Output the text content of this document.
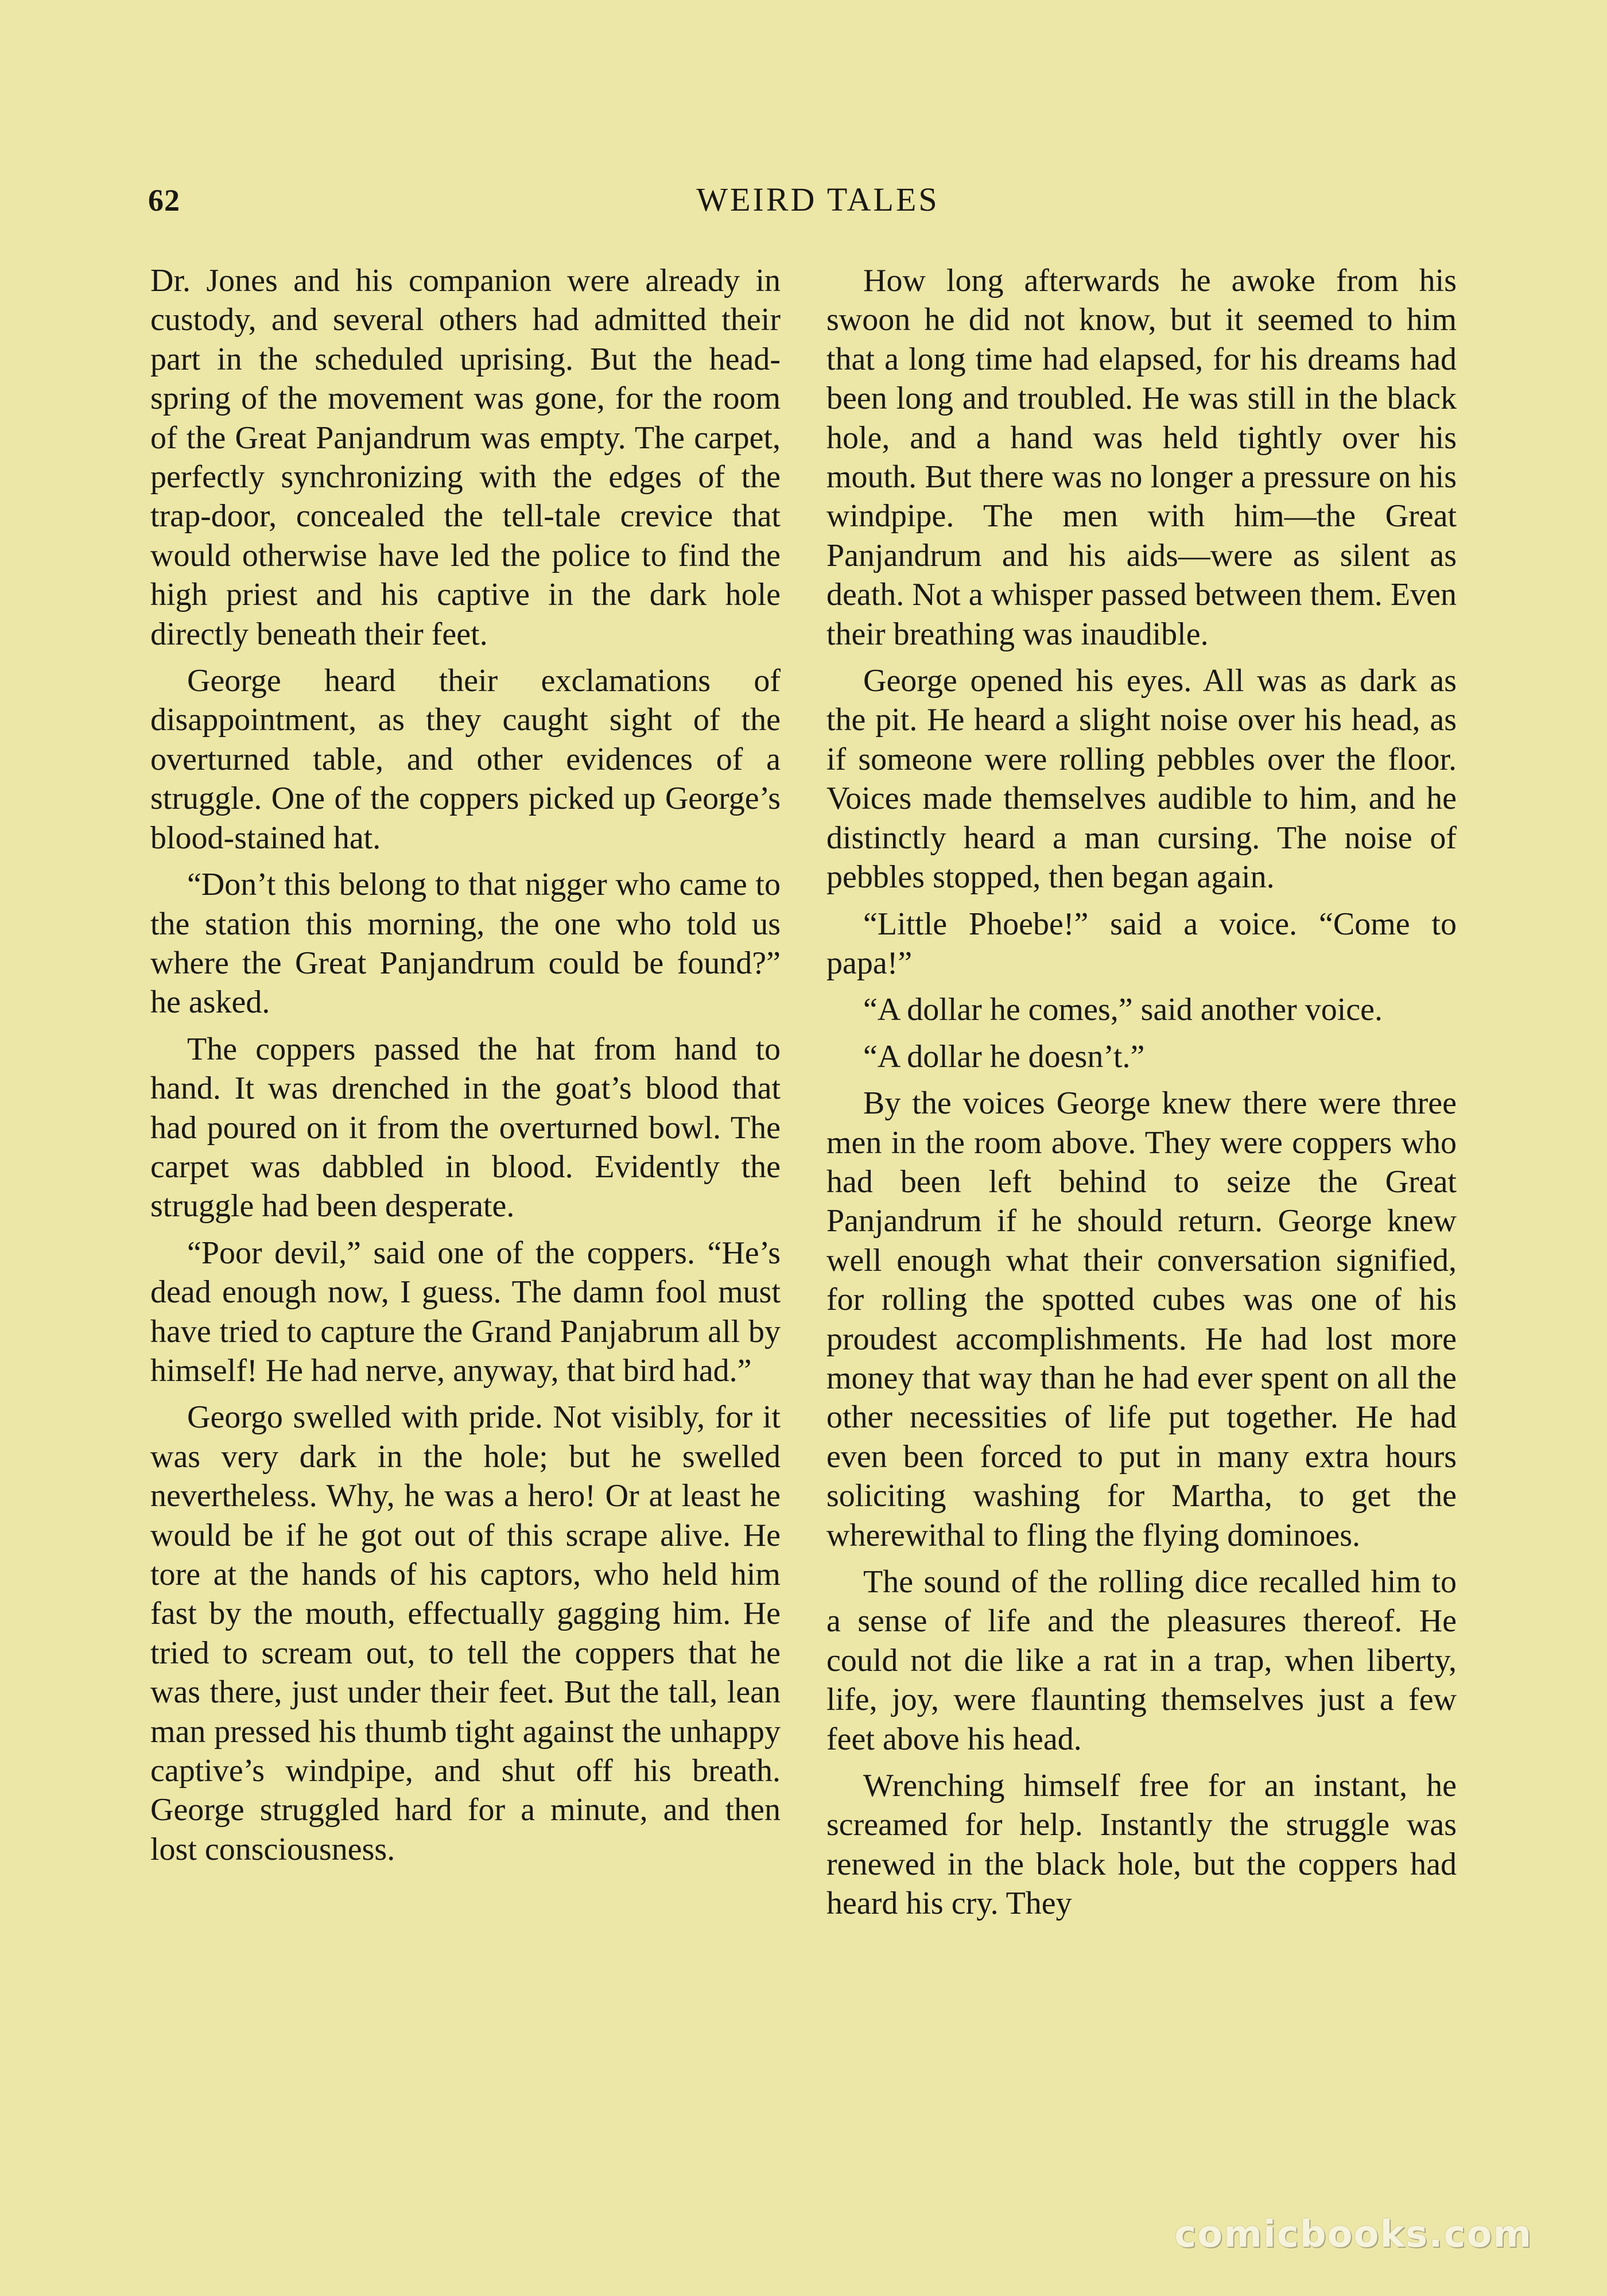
62	WEIRD TALES

Dr. Jones and his companion were already in custody, and several others had admitted their part in the scheduled uprising. But the head-spring of the movement was gone, for the room of the Great Panjandrum was empty. The carpet, perfectly synchronizing with the edges of the trap-door, concealed the tell-tale crevice that would otherwise have led the police to find the high priest and his captive in the dark hole directly beneath their feet.

George heard their exclamations of disappointment, as they caught sight of the overturned table, and other evidences of a struggle. One of the coppers picked up George’s blood-stained hat.

“Don’t this belong to that nigger who came to the station this morning, the one who told us where the Great Panjandrum could be found?” he asked.

The coppers passed the hat from hand to hand. It was drenched in the goat’s blood that had poured on it from the overturned bowl. The carpet was dabbled in blood. Evidently the struggle had been desperate.

“Poor devil,” said one of the coppers. “He’s dead enough now, I guess. The damn fool must have tried to capture the Grand Panjabrum all by himself! He had nerve, anyway, that bird had.”

Georgo swelled with pride. Not visibly, for it was very dark in the hole; but he swelled nevertheless. Why, he was a hero! Or at least he would be if he got out of this scrape alive. He tore at the hands of his captors, who held him fast by the mouth, effectually gagging him. He tried to scream out, to tell the coppers that he was there, just under their feet. But the tall, lean man pressed his thumb tight against the unhappy captive’s windpipe, and shut off his breath. George struggled hard for a minute, and then lost consciousness.

How long afterwards he awoke from his swoon he did not know, but it seemed to him that a long time had elapsed, for his dreams had been long and troubled. He was still in the black hole, and a hand was held tightly over his mouth. But there was no longer a pressure on his windpipe. The men with him—the Great Panjandrum and his aids—were as silent as death. Not a whisper passed between them. Even their breathing was inaudible.

George opened his eyes. All was as dark as the pit. He heard a slight noise over his head, as if someone were rolling pebbles over the floor. Voices made themselves audible to him, and he distinctly heard a man cursing. The noise of pebbles stopped, then began again.

“Little Phoebe!” said a voice. “Come to papa!”

“A dollar he comes,” said another voice.

“A dollar he doesn’t.”

By the voices George knew there were three men in the room above. They were coppers who had been left behind to seize the Great Panjandrum if he should return. George knew well enough what their conversation signified, for rolling the spotted cubes was one of his proudest accomplishments. He had lost more money that way than he had ever spent on all the other necessities of life put together. He had even been forced to put in many extra hours soliciting washing for Martha, to get the wherewithal to fling the flying dominoes.

The sound of the rolling dice recalled him to a sense of life and the pleasures thereof. He could not die like a rat in a trap, when liberty, life, joy, were flaunting themselves just a few feet above his head.

Wrenching himself free for an instant, he screamed for help. Instantly the struggle was renewed in the black hole, but the coppers had heard his cry. They

comicbooks.com
